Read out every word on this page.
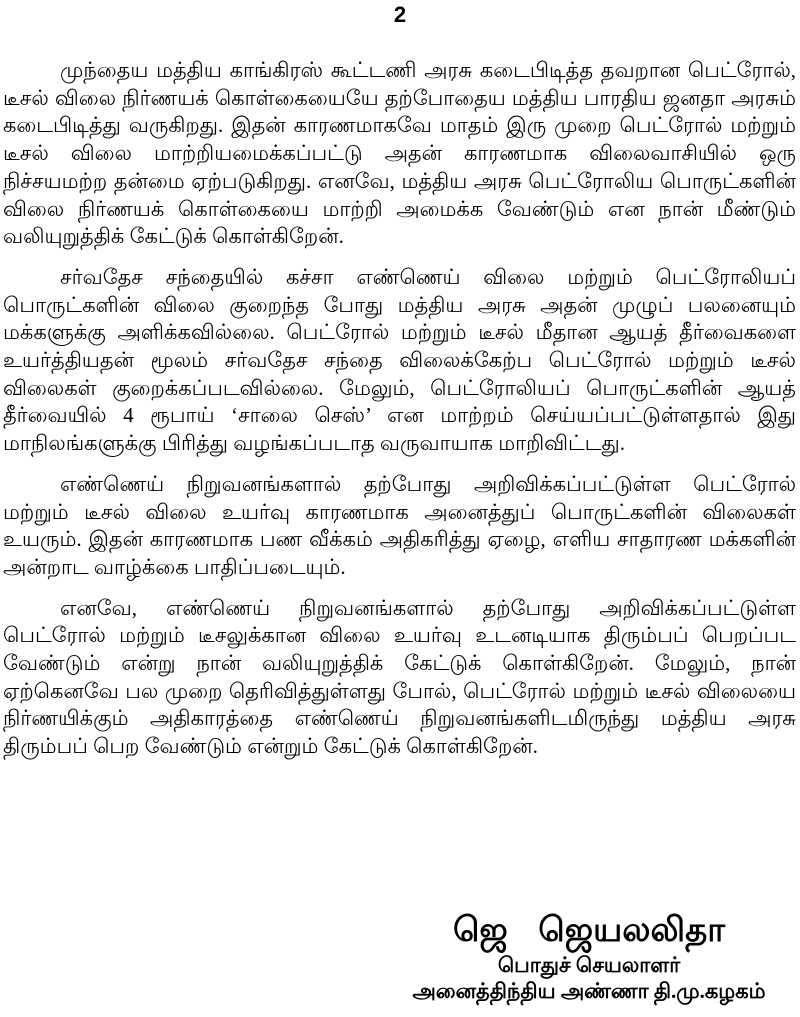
2

முந்தைய மத்திய காங்கிரஸ் கூட்டணி அரசு கடைபிடித்த தவறான பெட்ரோல், டீசல் விலை நிர்ணயக் கொள்கையையே தற்போதைய மத்திய பாரதிய ஜனதா அரசும் கடைபிடித்து வருகிறது. இதன் காரணமாகவே மாதம் இரு முறை பெட்ரோல் மற்றும் டீசல் விலை மாற்றியமைக்கப்பட்டு அதன் காரணமாக விலைவாசியில் ஒரு நிச்சயமற்ற தன்மை ஏற்படுகிறது. எனவே, மத்திய அரசு பெட்ரோலிய பொருட்களின் விலை நிர்ணயக் கொள்கையை மாற்றி அமைக்க வேண்டும் என நான் மீண்டும் வலியுறுத்திக் கேட்டுக் கொள்கிறேன்.

சர்வதேச சந்தையில் கச்சா எண்ணெய் விலை மற்றும் பெட்ரோலியப் பொருட்களின் விலை குறைந்த போது மத்திய அரசு அதன் முழுப் பலனையும் மக்களுக்கு அளிக்கவில்லை. பெட்ரோல் மற்றும் டீசல் மீதான ஆயத் தீர்வைகளை உயர்த்தியதன் மூலம் சர்வதேச சந்தை விலைக்கேற்ப பெட்ரோல் மற்றும் டீசல் விலைகள் குறைக்கப்படவில்லை. மேலும், பெட்ரோலியப் பொருட்களின் ஆயத் தீர்வையில் 4 ரூபாய் ‘சாலை செஸ்’ என மாற்றம் செய்யப்பட்டுள்ளதால் இது மாநிலங்களுக்கு பிரித்து வழங்கப்படாத வருவாயாக மாறிவிட்டது.

எண்ணெய் நிறுவனங்களால் தற்போது அறிவிக்கப்பட்டுள்ள பெட்ரோல் மற்றும் டீசல் விலை உயர்வு காரணமாக அனைத்துப் பொருட்களின் விலைகள் உயரும். இதன் காரணமாக பண வீக்கம் அதிகரித்து ஏழை, எளிய சாதாரண மக்களின் அன்றாட வாழ்க்கை பாதிப்படையும்.

எனவே, எண்ணெய் நிறுவனங்களால் தற்போது அறிவிக்கப்பட்டுள்ள பெட்ரோல் மற்றும் டீசலுக்கான விலை உயர்வு உடனடியாக திரும்பப் பெறப்பட வேண்டும் என்று நான் வலியுறுத்திக் கேட்டுக் கொள்கிறேன். மேலும், நான் ஏற்கெனவே பல முறை தெரிவித்துள்ளது போல், பெட்ரோல் மற்றும் டீசல் விலையை நிர்ணயிக்கும் அதிகாரத்தை எண்ணெய் நிறுவனங்களிடமிருந்து மத்திய அரசு திரும்பப் பெற வேண்டும் என்றும் கேட்டுக் கொள்கிறேன்.

ஜெ ஜெயலலிதா
பொதுச் செயலாளர்
அனைத்திந்திய அண்ணா தி.மு.கழகம்
